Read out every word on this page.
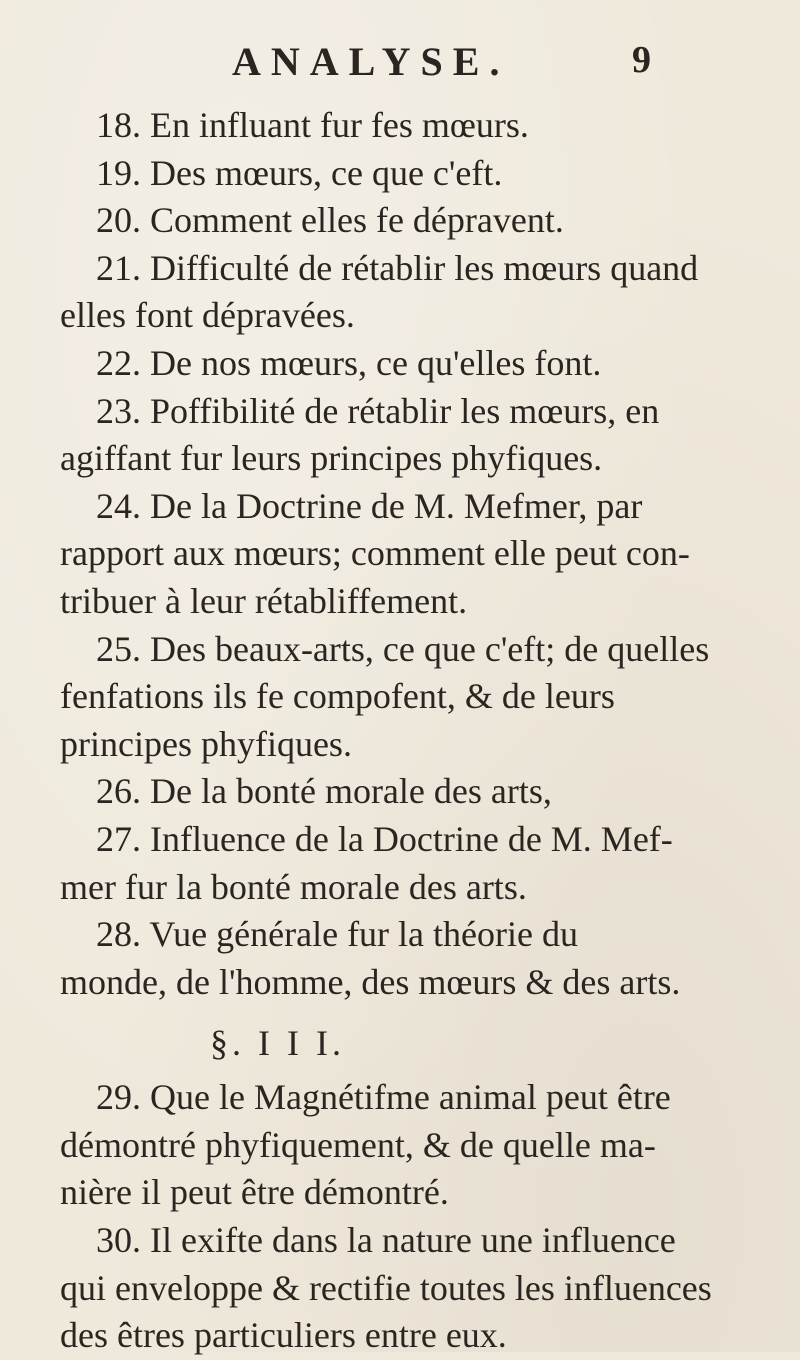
ANALYSE.	9
18. En influant fur fes mœurs.
19. Des mœurs, ce que c'eft.
20. Comment elles fe dépravent.
21. Difficulté de rétablir les mœurs quand
elles font dépravées.
22. De nos mœurs, ce qu'elles font.
23. Poffibilité de rétablir les mœurs, en
agiffant fur leurs principes phyfiques.
24. De la Doctrine de M. Mefmer, par
rapport aux mœurs; comment elle peut con-
tribuer à leur rétabliffement.
25. Des beaux-arts, ce que c'eft; de quelles
fenfations ils fe compofent, & de leurs
principes phyfiques.
26. De la bonté morale des arts,
27. Influence de la Doctrine de M. Mef-
mer fur la bonté morale des arts.
28. Vue générale fur la théorie du
monde, de l'homme, des mœurs & des arts.
§. I I I.
29. Que le Magnétifme animal peut être
démontré phyfiquement, & de quelle ma-
nière il peut être démontré.
30. Il exifte dans la nature une influence
qui enveloppe & rectifie toutes les influences
des êtres particuliers entre eux.
